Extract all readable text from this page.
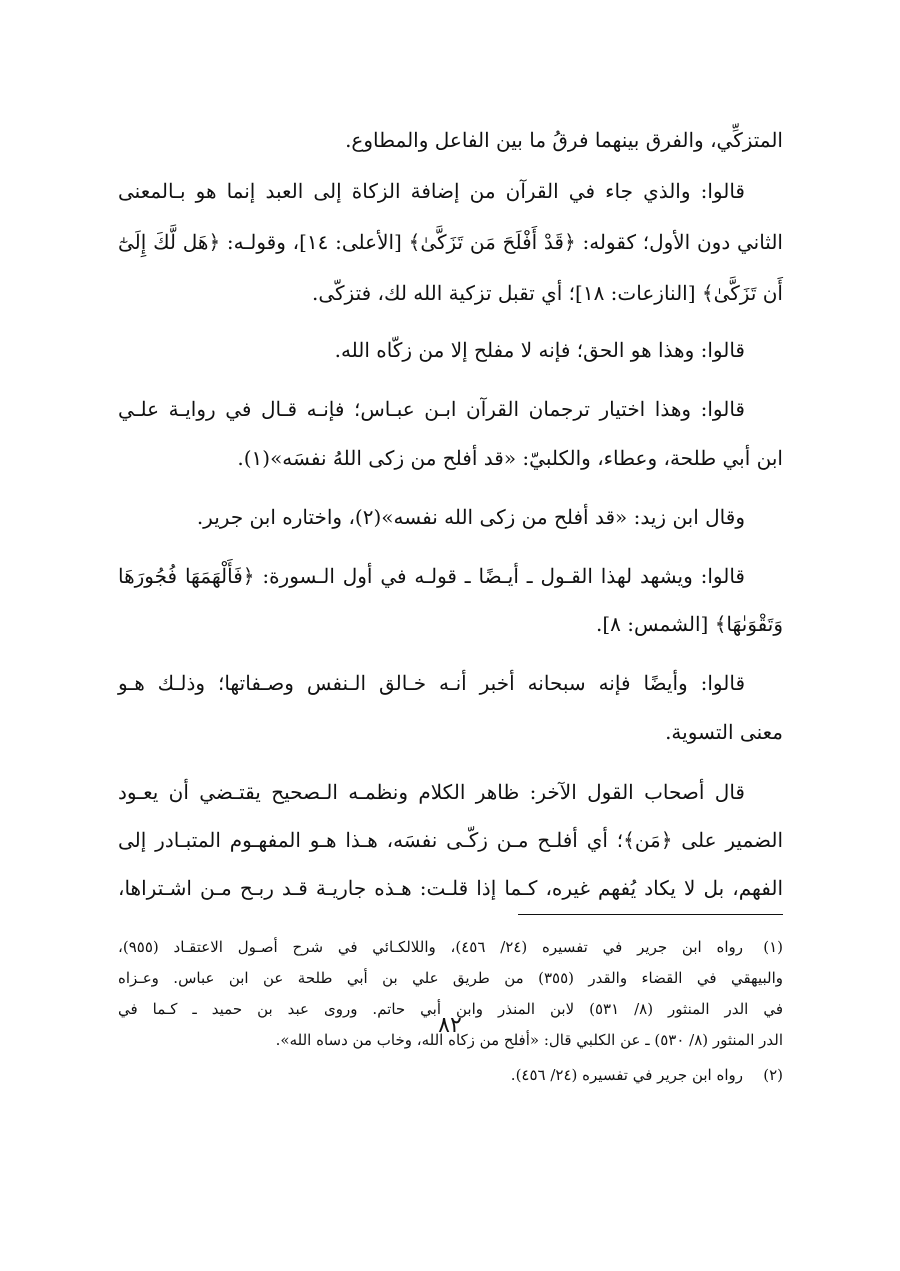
المتزكِّي، والفرق بينهما فرقُ ما بين الفاعل والمطاوع.
قالوا: والذي جاء في القرآن من إضافة الزكاة إلى العبد إنما هو بـالمعنى
الثاني دون الأول؛ كقوله: ﴿قَدْ أَفْلَحَ مَن تَزَكَّىٰ﴾ [الأعلى: ١٤]، وقولـه: ﴿هَل لَّكَ إِلَىٰٓ
أَن تَزَكَّىٰ﴾ [النازعات: ١٨]؛ أي تقبل تزكية الله لك، فتزكّى.
قالوا: وهذا هو الحق؛ فإنه لا مفلح إلا من زكّاه الله.
قالوا: وهذا اختيار ترجمان القرآن ابـن عبـاس؛ فإنـه قـال في روايـة علـي
ابن أبي طلحة، وعطاء، والكلبيّ: «قد أفلح من زكى اللهُ نفسَه»(١).
وقال ابن زيد: «قد أفلح من زكى الله نفسه»(٢)، واختاره ابن جرير.
قالوا: ويشهد لهذا القـول ـ أيـضًا ـ قولـه في أول الـسورة: ﴿فَأَلْهَمَهَا فُجُورَهَا
وَتَقْوَىٰهَا﴾ [الشمس: ٨].
قالوا: وأيضًا فإنه سبحانه أخبر أنـه خـالق الـنفس وصـفاتها؛ وذلـك هـو
معنى التسوية.
قال أصحاب القول الآخر: ظاهر الكلام ونظمـه الـصحيح يقتـضي أن يعـود
الضمير على ﴿مَن﴾؛ أي أفلـح مـن زكّـى نفسَه، هـذا هـو المفهـوم المتبـادر إلى
الفهم، بل لا يكاد يُفهم غيره، كـما إذا قلـت: هـذه جاريـة قـد ربـح مـن اشـتراها،
(١)
رواه ابن جرير في تفسيره (٢٤/ ٤٥٦)، واللالكـائي في شرح أصـول الاعتقـاد (٩٥٥)،
والبيهقي في القضاء والقدر (٣٥٥) من طريق علي بن أبي طلحة عن ابن عباس. وعـزاه
في الدر المنثور (٨/ ٥٣١) لابن المنذر وابن أبي حاتم. وروى عبد بن حميد ـ كـما في
الدر المنثور (٨/ ٥٣٠) ـ عن الكلبي قال: «أفلح من زكاه الله، وخاب من دساه الله».
(٢)
رواه ابن جرير في تفسيره (٢٤/ ٤٥٦).
٨٢
